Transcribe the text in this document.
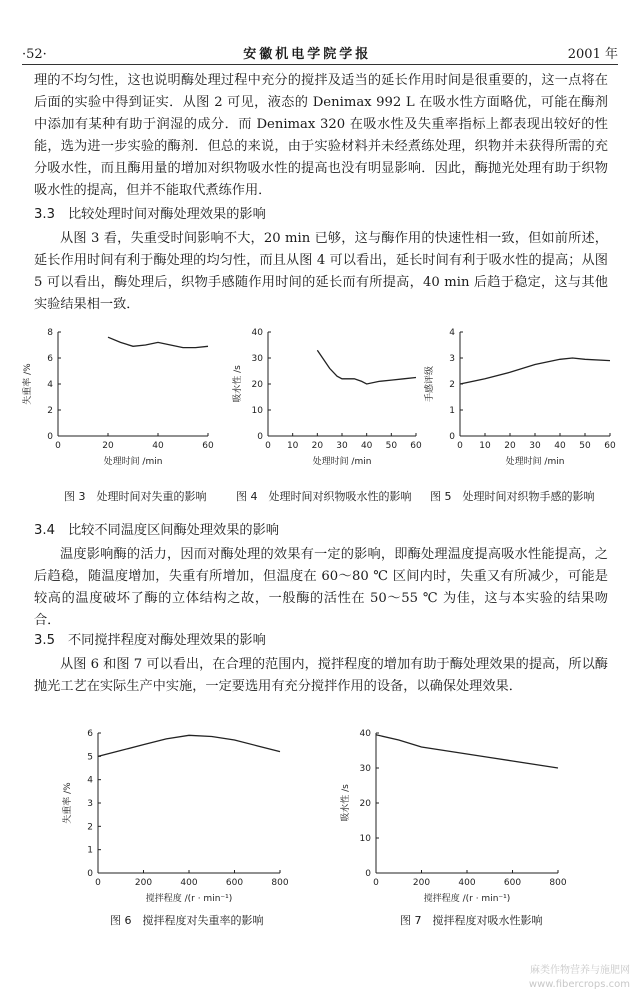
·52·	安徽机电学院学报	2001 年
理的不均匀性，这也说明酶处理过程中充分的搅拌及适当的延长作用时间是很重要的，这一点将在后面的实验中得到证实．从图 2 可见，液态的 Denimax 992 L 在吸水性方面略优，可能在酶剂中添加有某种有助于润湿的成分．而 Denimax 320 在吸水性及失重率指标上都表现出较好的性能，选为进一步实验的酶剂．但总的来说，由于实验材料并未经煮练处理，织物并未获得所需的充分吸水性，而且酶用量的增加对织物吸水性的提高也没有明显影响．因此，酶抛光处理有助于织物吸水性的提高，但并不能取代煮练作用．
3.3 比较处理时间对酶处理效果的影响
从图 3 看，失重受时间影响不大，20 min 已够，这与酶作用的快速性相一致，但如前所述，延长作用时间有利于酶处理的均匀性，而且从图 4 可以看出，延长时间有利于吸水性的提高；从图 5 可以看出，酶处理后，织物手感随作用时间的延长而有所提高，40 min 后趋于稳定，这与其他实验结果相一致．
0
2
4
6
8
0	20	40	60
处理时间 /min
失重率 /%
0
10
20
30
40
0 10 20 30 40 50 60
处理时间 /min
吸水性 /s
0
1
2
3
4
0 10 20 30 40 50 60
处理时间 /min
手感评级
图 3　处理时间对失重的影响	图 4　处理时间对织物吸水性的影响 图 5　处理时间对织物手感的影响
3.4 比较不同温度区间酶处理效果的影响
温度影响酶的活力，因而对酶处理的效果有一定的影响，即酶处理温度提高吸水性能提高，之后趋稳，随温度增加，失重有所增加，但温度在 60～80 ℃ 区间内时，失重又有所减少，可能是较高的温度破坏了酶的立体结构之故，一般酶的活性在 50～55 ℃ 为佳，这与本实验的结果吻合．
3.5 不同搅拌程度对酶处理效果的影响
从图 6 和图 7 可以看出，在合理的范围内，搅拌程度的增加有助于酶处理效果的提高，所以酶抛光工艺在实际生产中实施，一定要选用有充分搅拌作用的设备，以确保处理效果．
0
1
2
3
4
5
6
0	200	400	600	800
搅拌程度 /(r · min⁻¹)
失重率 /%
0
10
20
30
40
0	200	400	600	800
搅拌程度 /(r · min⁻¹)
吸水性 /s
图 6　搅拌程度对失重率的影响	图 7　搅拌程度对吸水性影响
麻类作物营养与施肥网
www.fibercrops.com
